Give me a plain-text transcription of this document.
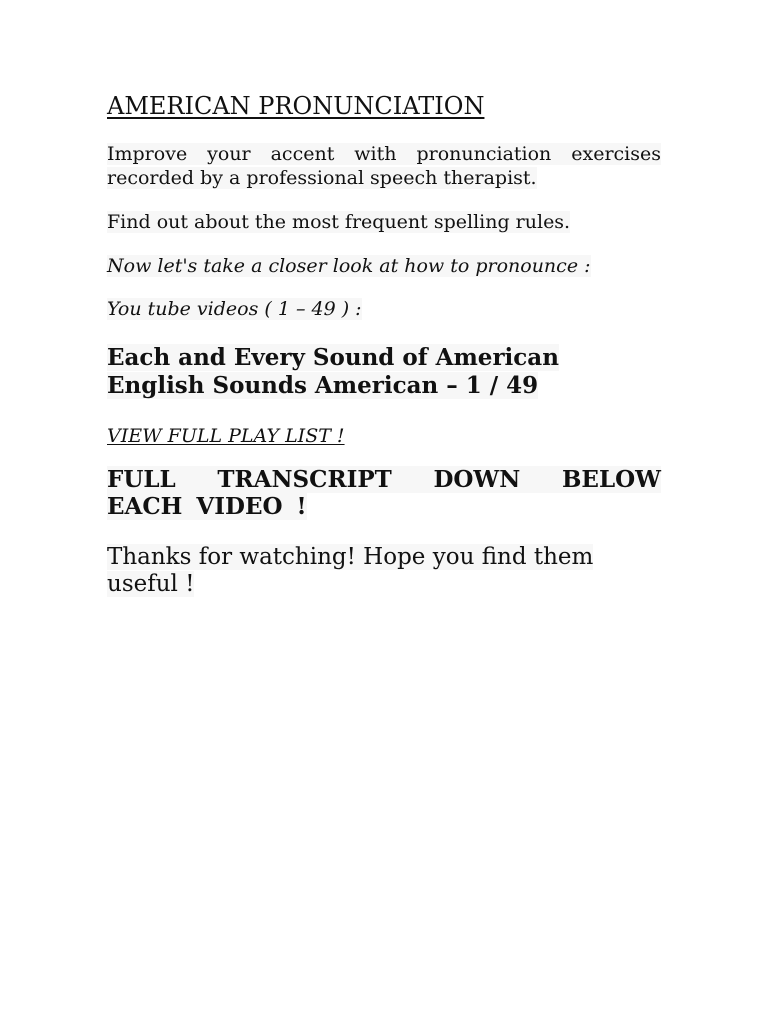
AMERICAN PRONUNCIATION

Improve your accent with pronunciation exercises recorded by a professional speech therapist.

Find out about the most frequent spelling rules.

Now let's take a closer look at how to pronounce :

You tube videos ( 1 – 49 ) :

Each and Every Sound of American English Sounds American – 1 / 49
VIEW FULL PLAY LIST !
FULL TRANSCRIPT DOWN BELOW EACH VIDEO !

Thanks for watching! Hope you find them useful !
